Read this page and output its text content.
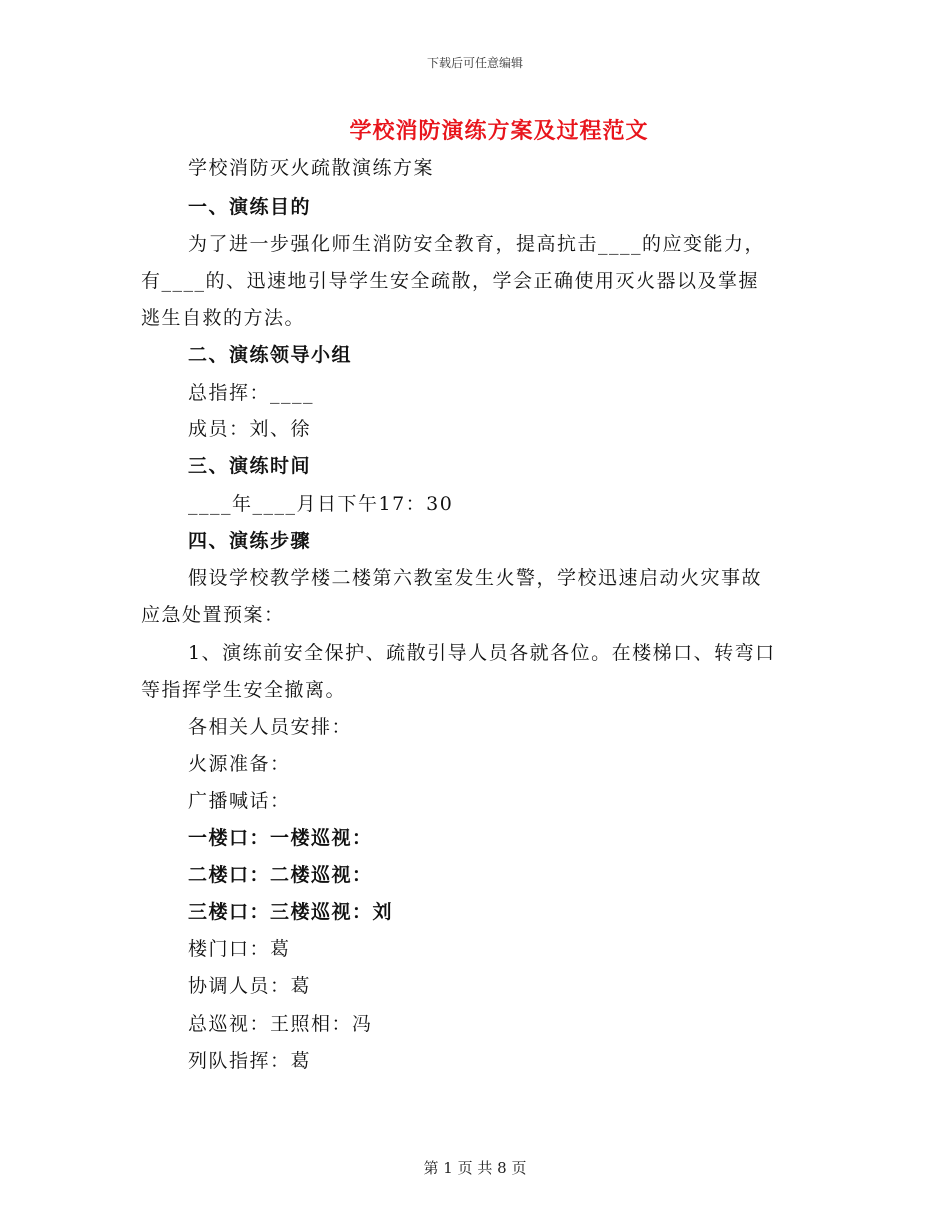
下载后可任意编辑
学校消防演练方案及过程范文
学校消防灭火疏散演练方案
一、演练目的
为了进一步强化师生消防安全教育，提高抗击____的应变能力，
有____的、迅速地引导学生安全疏散，学会正确使用灭火器以及掌握
逃生自救的方法。
二、演练领导小组
总指挥：____
成员：刘、徐
三、演练时间
____年____月日下午17：30
四、演练步骤
假设学校教学楼二楼第六教室发生火警，学校迅速启动火灾事故
应急处置预案：
1、演练前安全保护、疏散引导人员各就各位。在楼梯口、转弯口
等指挥学生安全撤离。
各相关人员安排：
火源准备：
广播喊话：
一楼口：一楼巡视：
二楼口：二楼巡视：
三楼口：三楼巡视：刘
楼门口：葛
协调人员：葛
总巡视：王照相：冯
列队指挥：葛
第 1 页 共 8 页
